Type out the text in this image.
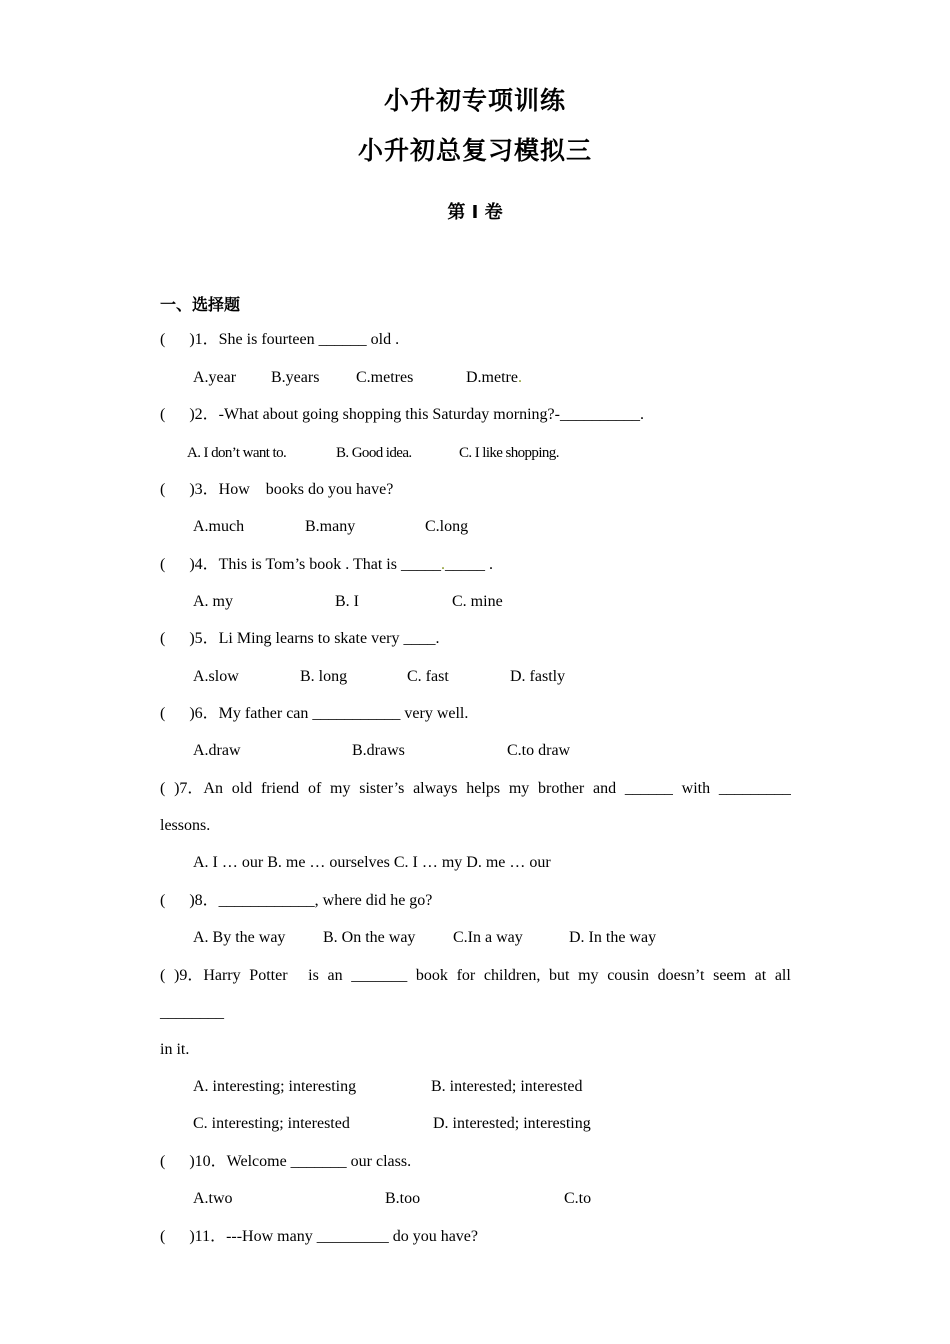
小升初专项训练
小升初总复习模拟三
第 I 卷
一、选择题
(      )1．She is fourteen ______ old .
A.year B.years C.metres	D.metre.
(      )2．-What about going shopping this Saturday morning?-__________.
A. I don’t want to.	B. Good idea.	C. I like shopping.
(      )3．How    books do you have?
A.much	B.many	C.long
(      )4．This is Tom’s book . That is _____._____ .
A. my	B. I	C. mine
(      )5．Li Ming learns to skate very ____.
A.slow	B. long	C. fast	D. fastly
(      )6．My father can ___________ very well.
A.draw	B.draws	C.to draw
( )7．An old friend of my sister’s always helps my brother and ______ with _________
lessons.
A. I … our B. me … ourselves C. I … my D. me … our
(      )8．____________, where did he go?
A. By the way B. On the way C.In a way	D. In the way
( )9．Harry Potter is an _______ book for children, but my cousin doesn’t seem at all
________
in it.
A. interesting; interesting	B. interested; interested
C. interesting; interested	D. interested; interesting
(      )10．Welcome _______ our class.
A.two	B.too	C.to
(      )11．---How many _________ do you have?
